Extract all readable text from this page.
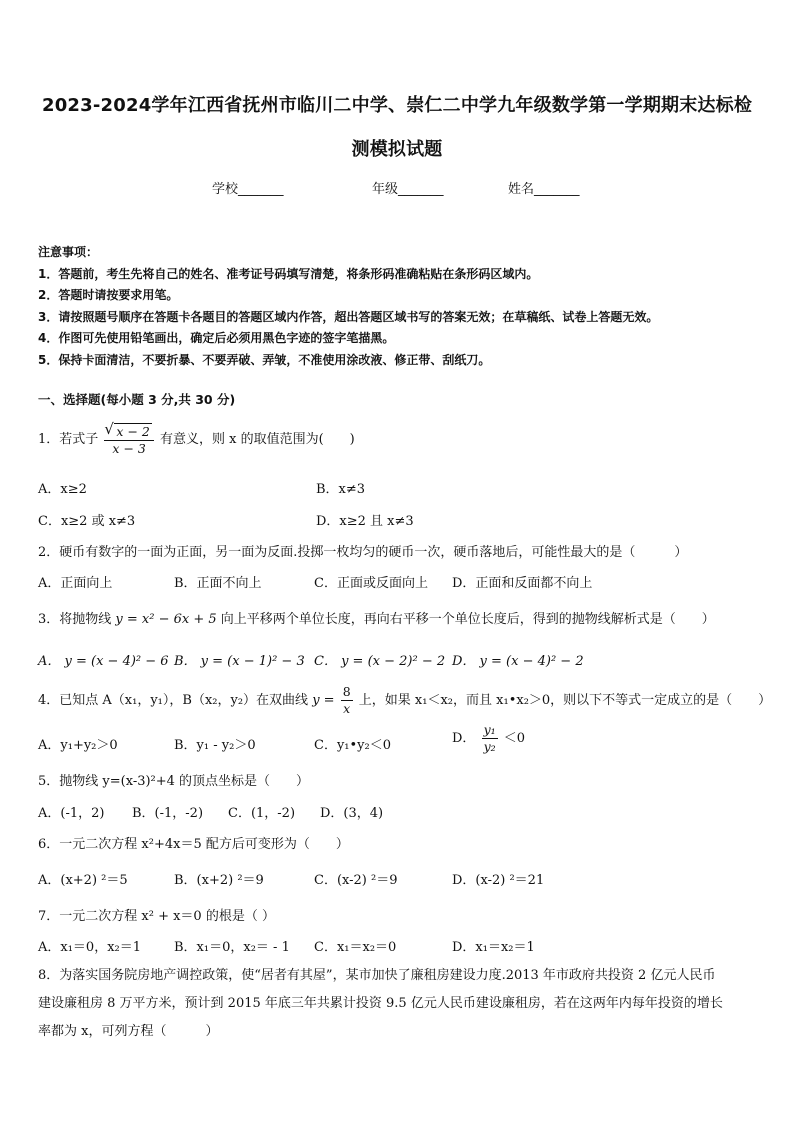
2023-2024学年江西省抚州市临川二中学、崇仁二中学九年级数学第一学期期末达标检
测模拟试题
学校_______	年级_______	姓名_______
注意事项：
1．答题前，考生先将自己的姓名、准考证号码填写清楚，将条形码准确粘贴在条形码区域内。
2．答题时请按要求用笔。
3．请按照题号顺序在答题卡各题目的答题区域内作答，超出答题区域书写的答案无效；在草稿纸、试卷上答题无效。
4．作图可先使用铅笔画出，确定后必须用黑色字迹的签字笔描黑。
5．保持卡面清洁，不要折暴、不要弄破、弄皱，不准使用涂改液、修正带、刮纸刀。
一、选择题(每小题 3 分,共 30 分)
1．若式子
√ $\frac{x - 2}{x - 3}$ 有意义，则 x 的取值范围为(　　)
A．x≥2	B．x≠3
C．x≥2 或 x≠3	D．x≥2 且 x≠3
2．硬币有数字的一面为正面，另一面为反面.投掷一枚均匀的硬币一次，硬币落地后，可能性最大的是（　　　）
A．正面向上	B．正面不向上	C．正面或反面向上 D．正面和反面都不向上
3．将抛物线 y = x² − 6x + 5 向上平移两个单位长度，再向右平移一个单位长度后，得到的抛物线解析式是（　　）
A． y = (x − 4)² − 6 B． y = (x − 1)² − 3 C． y = (x − 2)² − 2 D． y = (x − 4)² − 2
4．已知点 A（x₁，y₁），B（x₂，y₂）在双曲线 $y = \frac{8}{x}$ 上，如果 x₁＜x₂，而且 x₁•x₂＞0，则以下不等式一定成立的是（　　）
A．y₁+y₂＞0	B．y₁ - y₂＞0	C．y₁•y₂＜0	D． $\frac{\text{y₁}}{\text{y₂}} <0$
5．抛物线 y=(x-3)²+4 的顶点坐标是（　　）
A．(-1，2) B．(-1，-2) C．(1，-2) D．(3，4)
6．一元二次方程 x²+4x＝5 配方后可变形为（　　）
A．(x+2) ²＝5	B．(x+2) ²＝9	C．(x-2) ²＝9	D．(x-2) ²＝21
7．一元二次方程 x² + x＝0 的根是（ ）
A．x₁＝0，x₂＝1	B．x₁＝0，x₂＝ - 1 C．x₁＝x₂＝0	D．x₁＝x₂＝1
8．为落实国务院房地产调控政策，使“居者有其屋”，某市加快了廉租房建设力度.2013 年市政府共投资 2 亿元人民币
建设廉租房 8 万平方米，预计到 2015 年底三年共累计投资 9.5 亿元人民币建设廉租房，若在这两年内每年投资的增长
率都为 x，可列方程（　　　）
